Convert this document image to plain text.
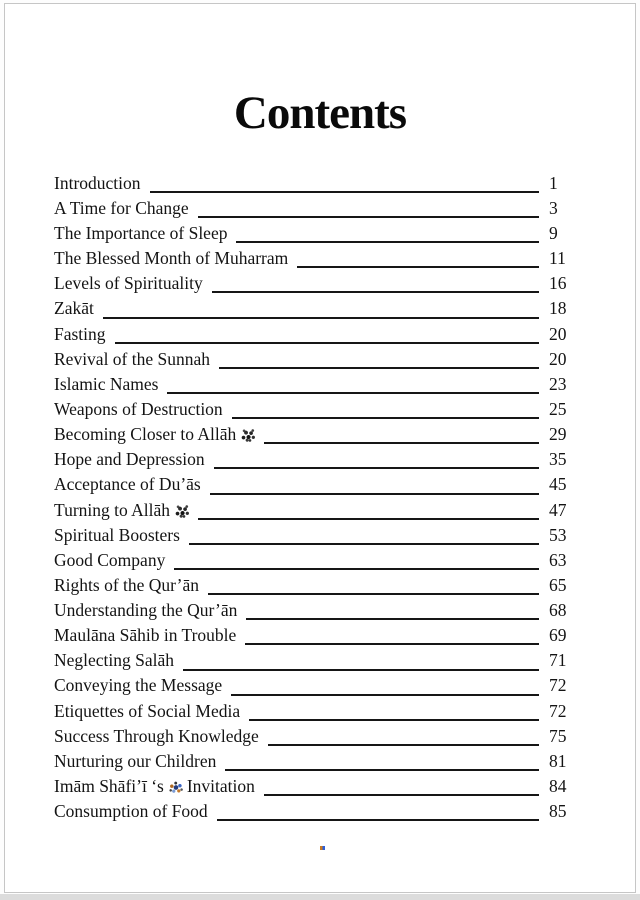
Contents
Introduction	1
A Time for Change	3
The Importance of Sleep	9
The Blessed Month of Muharram	11
Levels of Spirituality	16
Zakāt	18
Fasting	20
Revival of the Sunnah	20
Islamic Names	23
Weapons of Destruction	25
Becoming Closer to Allāh	29
Hope and Depression	35
Acceptance of Du’ās	45
Turning to Allāh	47
Spiritual Boosters	53
Good Company	63
Rights of the Qur’ān	65
Understanding the Qur’ān	68
Maulāna Sāhib in Trouble	69
Neglecting Salāh	71
Conveying the Message	72
Etiquettes of Social Media	72
Success Through Knowledge	75
Nurturing our Children	81
Imām Shāfi’ī ‘s Invitation	84
Consumption of Food	85
